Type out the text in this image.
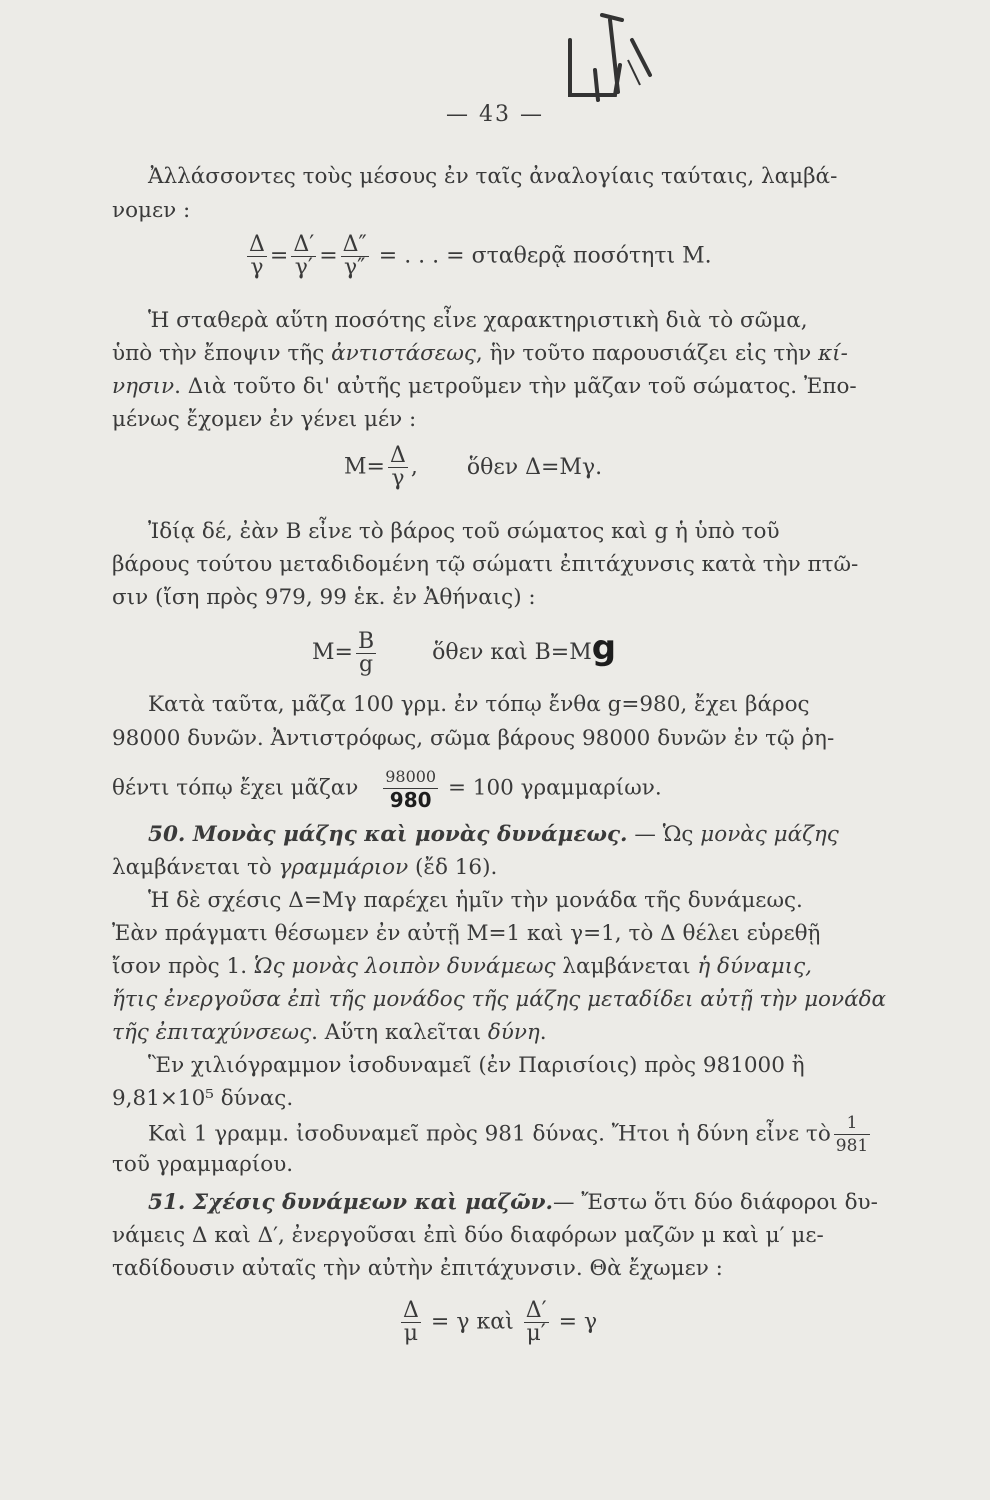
— 43 —
Ἀλλάσσοντες τοὺς μέσους ἐν ταῖς ἀναλογίαις ταύταις, λαμβά-
νομεν :
$\frac{\Delta}{\gamma} = \frac{\Delta'}{\gamma'} = \frac{\Delta''}{\gamma''}$ = . . . = σταθερᾷ ποσότητι Μ.
Ἡ σταθερὰ αὕτη ποσότης εἶνε χαρακτηριστικὴ διὰ τὸ σῶμα,
ὑπὸ τὴν ἔποψιν τῆς ἀντιστάσεως, ἣν τοῦτο παρουσιάζει εἰς τὴν κί-
νησιν. Διὰ τοῦτο δι' αὐτῆς μετροῦμεν τὴν μᾶζαν τοῦ σώματος. Ἐπο-
μένως ἔχομεν ἐν γένει μέν :
$M= \frac{\Delta}{\gamma}$ , ὅθεν Δ=Μγ.
Ἰδίᾳ δέ, ἐὰν Β εἶνε τὸ βάρος τοῦ σώματος καὶ g ἡ ὑπὸ τοῦ
βάρους τούτου μεταδιδομένη τῷ σώματι ἐπιτάχυνσις κατὰ τὴν πτῶ-
σιν (ἴση πρὸς 979, 99 ἑκ. ἐν Ἀθήναις) :
$M= \frac{B}{g}$	ὅθεν καὶ Β=Μg
Κατὰ ταῦτα, μᾶζα 100 γρμ. ἐν τόπῳ ἔνθα g=980, ἔχει βάρος
98000 δυνῶν. Ἀντιστρόφως, σῶμα βάρους 98000 δυνῶν ἐν τῷ ῥη-
θέντι τόπῳ ἔχει μᾶζαν $\frac{98000}{980} = 100$ γραμμαρίων.
50. Μονὰς μάζης καὶ μονὰς δυνάμεως. — Ὡς μονὰς μάζης
λαμβάνεται τὸ γραμμάριον (ἔδ 16).
Ἡ δὲ σχέσις Δ=Μγ παρέχει ἡμῖν τὴν μονάδα τῆς δυνάμεως.
Ἐὰν πράγματι θέσωμεν ἐν αὐτῇ Μ=1 καὶ γ=1, τὸ Δ θέλει εὑρεθῇ
ἴσον πρὸς 1. Ὡς μονὰς λοιπὸν δυνάμεως λαμβάνεται ἡ δύναμις,
ἥτις ἐνεργοῦσα ἐπὶ τῆς μονάδος τῆς μάζης μεταδίδει αὐτῇ τὴν μονάδα
τῆς ἐπιταχύνσεως. Αὕτη καλεῖται δύνη.
Ἓν χιλιόγραμμον ἰσοδυναμεῖ (ἐν Παρισίοις) πρὸς 981000 ἢ
9,81×10⁵ δύνας.
Καὶ 1 γραμμ. ἰσοδυναμεῖ πρὸς 981 δύνας. Ἤτοι ἡ δύνη εἶνε τὸ $\frac{1}{981}$
τοῦ γραμμαρίου.
51. Σχέσις δυνάμεων καὶ μαζῶν.— Ἔστω ὅτι δύο διάφοροι δυ-
νάμεις Δ καὶ Δ′, ἐνεργοῦσαι ἐπὶ δύο διαφόρων μαζῶν μ καὶ μ′ με-
ταδίδουσιν αὐταῖς τὴν αὐτὴν ἐπιτάχυνσιν. Θὰ ἔχωμεν :
$\frac{\Delta}{\mu} = \gamma$ καὶ $\frac{\Delta'}{\mu'} = \gamma$
